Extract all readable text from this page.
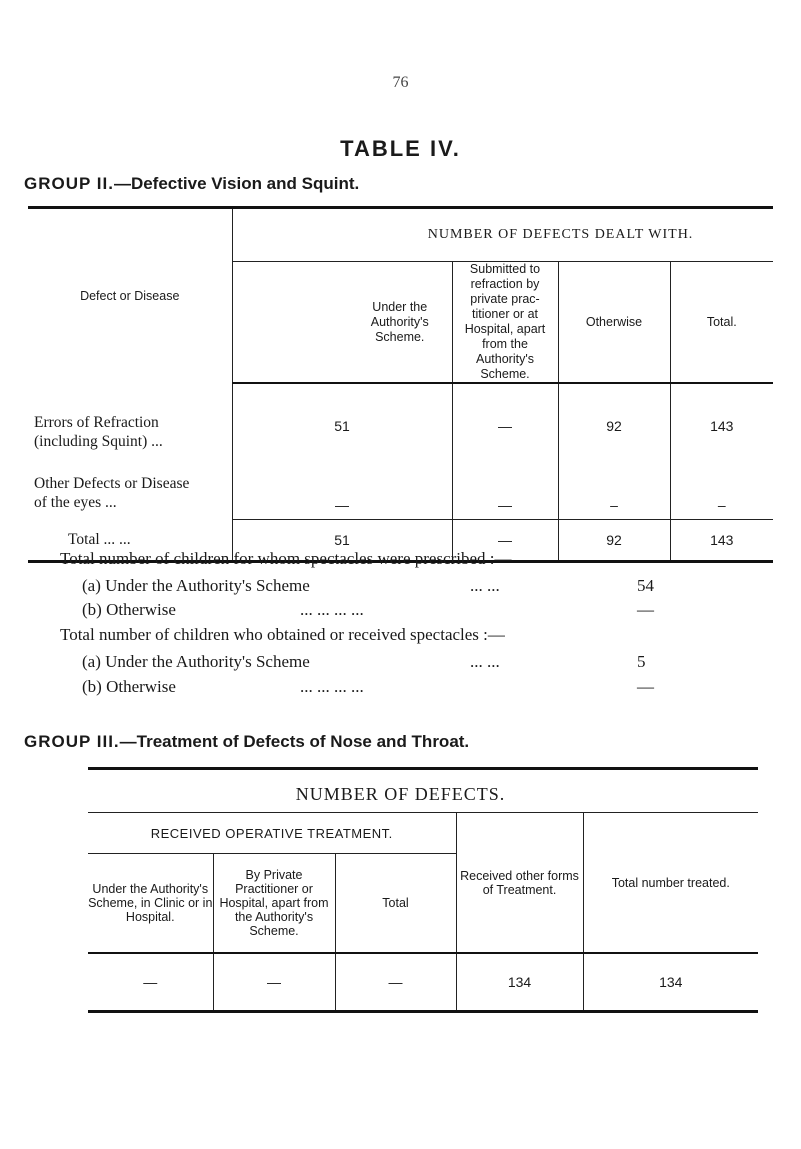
76
TABLE IV.
GROUP II.—Defective Vision and Squint.
Defect or Disease		NUMBER OF DEFECTS DEALT WITH.			
		Under the Authority's Scheme.	Submitted to refraction by private prac- titioner or at Hospital, apart from the Authority's Scheme.	Otherwise	Total.

Errors of Refraction
(including Squint) ...	51		—	92	143

Other Defects or Disease
of the eyes ...	—		—	–	–
Total ... ...	51		—	92	143
Total number of children for whom spectacles were prescribed :—
(a) Under the Authority's Scheme	... ...	54
(b) Otherwise	... ... ... ...	—
Total number of children who obtained or received spectacles :—
(a) Under the Authority's Scheme	... ...	5
(b) Otherwise	... ... ... ...	—
GROUP III.—Treatment of Defects of Nose and Throat.
NUMBER OF DEFECTS.
RECEIVED OPERATIVE TREATMENT.			Received other forms of Treatment.	Total number treated.
Under the Authority's Scheme, in Clinic or in Hospital.	By Private Practitioner or Hospital, apart from the Authority's Scheme.	Total		
—	—	—	134	134
